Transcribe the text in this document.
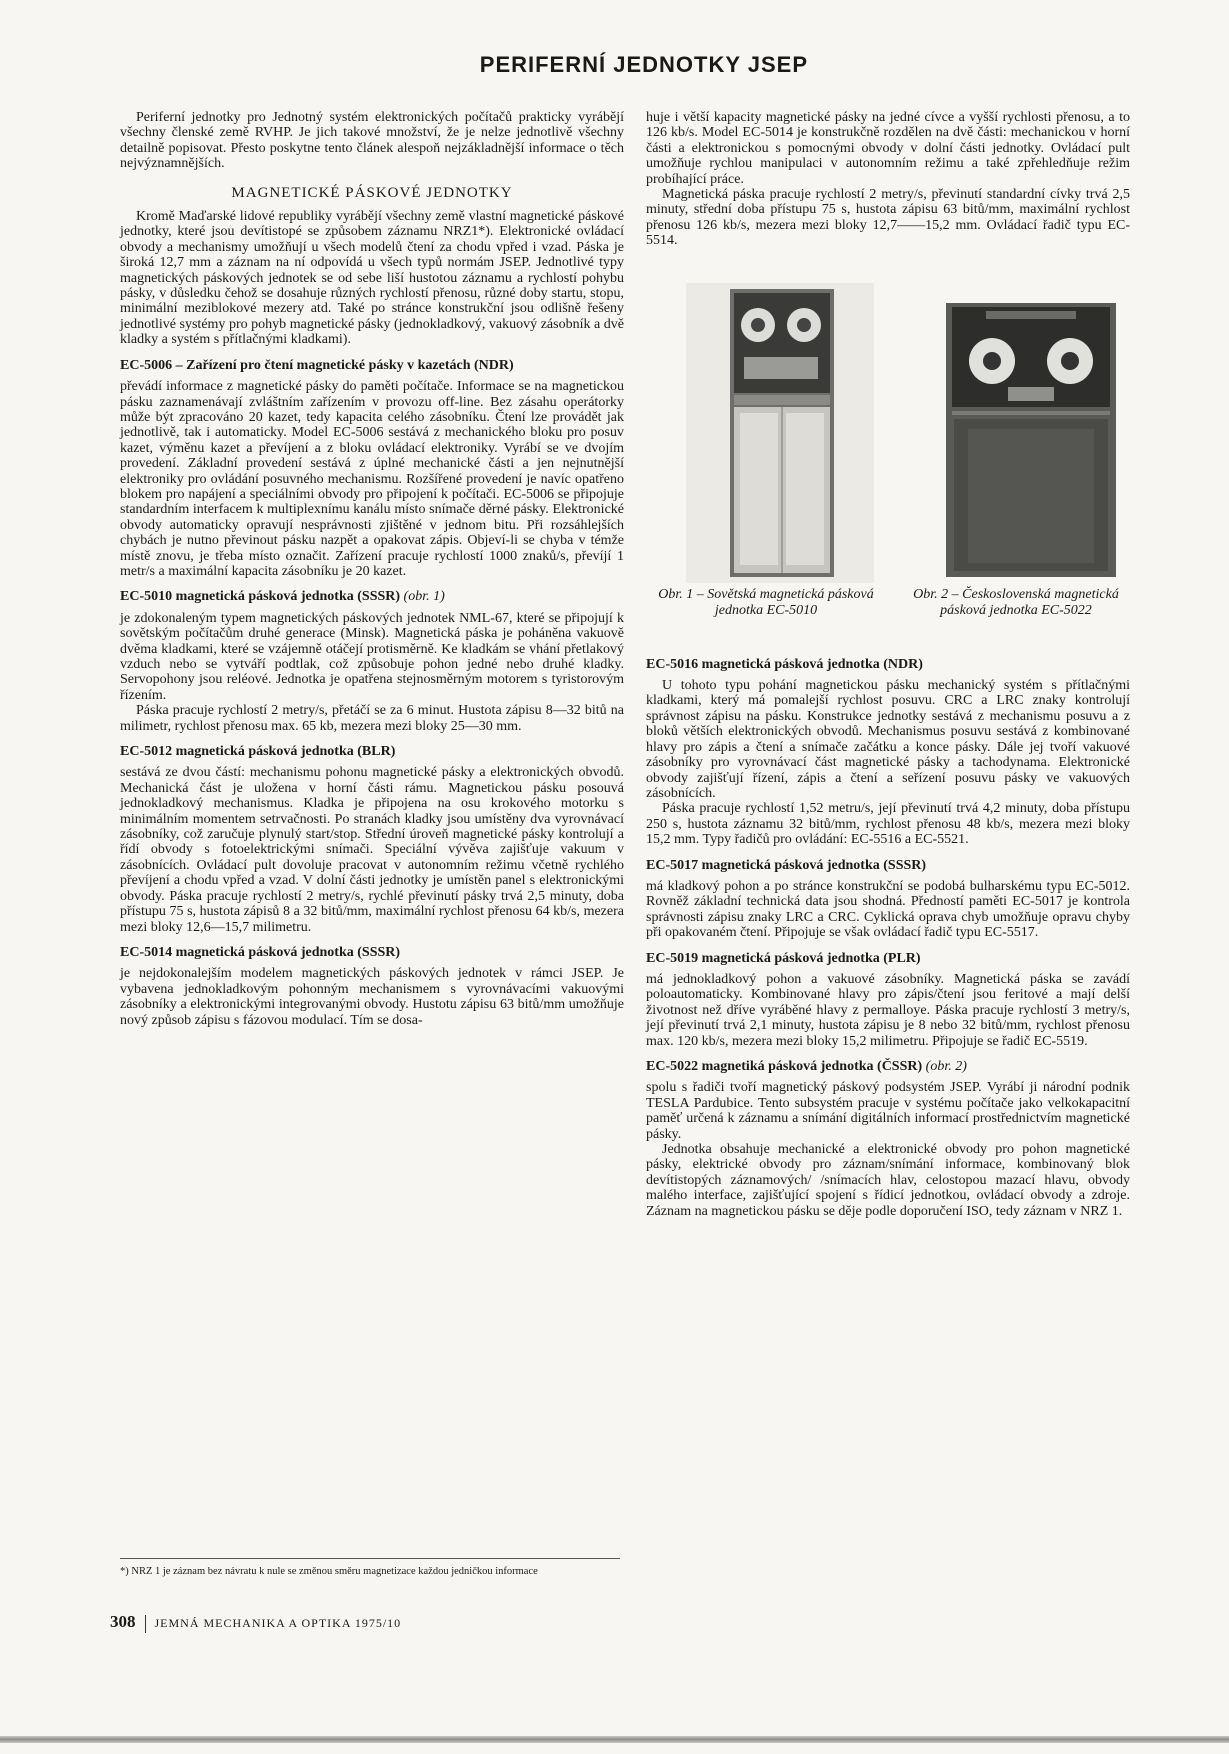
PERIFERNÍ JEDNOTKY JSEP

Periferní jednotky pro Jednotný systém elektronických počítačů prakticky vyrábějí všechny členské země RVHP. Je jich takové množství, že je nelze jednotlivě všechny detailně popisovat. Přesto poskytne tento článek alespoň nejzákladnější informace o těch nejvýznamnějších.

MAGNETICKÉ PÁSKOVÉ JEDNOTKY

Kromě Maďarské lidové republiky vyrábějí všechny země vlastní magnetické páskové jednotky, které jsou devítistopé se způsobem záznamu NRZ1*). Elektronické ovládací obvody a mechanismy umožňují u všech modelů čtení za chodu vpřed i vzad. Páska je široká 12,7 mm a záznam na ní odpovídá u všech typů normám JSEP. Jednotlivé typy magnetických páskových jednotek se od sebe liší hustotou záznamu a rychlostí pohybu pásky, v důsledku čehož se dosahuje různých rychlostí přenosu, různé doby startu, stopu, minimální meziblokové mezery atd. Také po stránce konstrukční jsou odlišně řešeny jednotlivé systémy pro pohyb magnetické pásky (jednokladkový, vakuový zásobník a dvě kladky a systém s přítlačnými kladkami).

EC-5006 – Zařízení pro čtení magnetické pásky v kazetách (NDR)

převádí informace z magnetické pásky do paměti počítače. Informace se na magnetickou pásku zaznamenávají zvláštním zařízením v provozu off-line. Bez zásahu operátorky může být zpracováno 20 kazet, tedy kapacita celého zásobníku. Čtení lze provádět jak jednotlivě, tak i automaticky. Model EC-5006 sestává z mechanického bloku pro posuv kazet, výměnu kazet a převíjení a z bloku ovládací elektroniky. Vyrábí se ve dvojím provedení. Základní provedení sestává z úplné mechanické části a jen nejnutnější elektroniky pro ovládání posuvného mechanismu. Rozšířené provedení je navíc opatřeno blokem pro napájení a speciálními obvody pro připojení k počítači. EC-5006 se připojuje standardním interfacem k multiplexnímu kanálu místo snímače děrné pásky. Elektronické obvody automaticky opravují nesprávnosti zjištěné v jednom bitu. Při rozsáhlejších chybách je nutno převinout pásku nazpět a opakovat zápis. Objeví-li se chyba v témže místě znovu, je třeba místo označit. Zařízení pracuje rychlostí 1000 znaků/s, převíjí 1 metr/s a maximální kapacita zásobníku je 20 kazet.

EC-5010 magnetická pásková jednotka (SSSR) (obr. 1)

je zdokonaleným typem magnetických páskových jednotek NML-67, které se připojují k sovětským počítačům druhé generace (Minsk). Magnetická páska je poháněna vakuově dvěma kladkami, které se vzájemně otáčejí protisměrně. Ke kladkám se vhání přetlakový vzduch nebo se vytváří podtlak, což způsobuje pohon jedné nebo druhé kladky. Servopohony jsou reléové. Jednotka je opatřena stejnosměrným motorem s tyristorovým řízením.

Páska pracuje rychlostí 2 metry/s, přetáčí se za 6 minut. Hustota zápisu 8—32 bitů na milimetr, rychlost přenosu max. 65 kb, mezera mezi bloky 25—30 mm.

EC-5012 magnetická pásková jednotka (BLR)

sestává ze dvou částí: mechanismu pohonu magnetické pásky a elektronických obvodů. Mechanická část je uložena v horní části rámu. Magnetickou pásku posouvá jednokladkový mechanismus. Kladka je připojena na osu krokového motorku s minimálním momentem setrvačnosti. Po stranách kladky jsou umístěny dva vyrovnávací zásobníky, což zaručuje plynulý start/stop. Střední úroveň magnetické pásky kontrolují a řídí obvody s fotoelektrickými snímači. Speciální vývěva zajišťuje vakuum v zásobnících. Ovládací pult dovoluje pracovat v autonomním režimu včetně rychlého převíjení a chodu vpřed a vzad. V dolní části jednotky je umístěn panel s elektronickými obvody. Páska pracuje rychlostí 2 metry/s, rychlé převinutí pásky trvá 2,5 minuty, doba přístupu 75 s, hustota zápisů 8 a 32 bitů/mm, maximální rychlost přenosu 64 kb/s, mezera mezi bloky 12,6—15,7 milimetru.

EC-5014 magnetická pásková jednotka (SSSR)

je nejdokonalejším modelem magnetických páskových jednotek v rámci JSEP. Je vybavena jednokladkovým pohonným mechanismem s vyrovnávacími vakuovými zásobníky a elektronickými integrovanými obvody. Hustotu zápisu 63 bitů/mm umožňuje nový způsob zápisu s fázovou modulací. Tím se dosa-

huje i větší kapacity magnetické pásky na jedné cívce a vyšší rychlosti přenosu, a to 126 kb/s. Model EC-5014 je konstrukčně rozdělen na dvě části: mechanickou v horní části a elektronickou s pomocnými obvody v dolní části jednotky. Ovládací pult umožňuje rychlou manipulaci v autonomním režimu a také zpřehledňuje režim probíhající práce.

Magnetická páska pracuje rychlostí 2 metry/s, převinutí standardní cívky trvá 2,5 minuty, střední doba přístupu 75 s, hustota zápisu 63 bitů/mm, maximální rychlost přenosu 126 kb/s, mezera mezi bloky 12,7——15,2 mm. Ovládací řadič typu EC-5514.

Obr. 1 – Sovětská magnetická pásková jednotka EC-5010
Obr. 2 – Československá magnetická pásková jednotka EC-5022
EC-5016 magnetická pásková jednotka (NDR)

U tohoto typu pohání magnetickou pásku mechanický systém s přítlačnými kladkami, který má pomalejší rychlost posuvu. CRC a LRC znaky kontrolují správnost zápisu na pásku. Konstrukce jednotky sestává z mechanismu posuvu a z bloků větších elektronických obvodů. Mechanismus posuvu sestává z kombinované hlavy pro zápis a čtení a snímače začátku a konce pásky. Dále jej tvoří vakuové zásobníky pro vyrovnávací část magnetické pásky a tachodynama. Elektronické obvody zajišťují řízení, zápis a čtení a seřízení posuvu pásky ve vakuových zásobnících.

Páska pracuje rychlostí 1,52 metru/s, její převinutí trvá 4,2 minuty, doba přístupu 250 s, hustota záznamu 32 bitů/mm, rychlost přenosu 48 kb/s, mezera mezi bloky 15,2 mm. Typy řadičů pro ovládání: EC-5516 a EC-5521.

EC-5017 magnetická pásková jednotka (SSSR)

má kladkový pohon a po stránce konstrukční se podobá bulharskému typu EC-5012. Rovněž základní technická data jsou shodná. Předností paměti EC-5017 je kontrola správnosti zápisu znaky LRC a CRC. Cyklická oprava chyb umožňuje opravu chyby při opakovaném čtení. Připojuje se však ovládací řadič typu EC-5517.

EC-5019 magnetická pásková jednotka (PLR)

má jednokladkový pohon a vakuové zásobníky. Magnetická páska se zavádí poloautomaticky. Kombinované hlavy pro zápis/čtení jsou feritové a mají delší životnost než dříve vyráběné hlavy z permalloye. Páska pracuje rychlostí 3 metry/s, její převinutí trvá 2,1 minuty, hustota zápisu je 8 nebo 32 bitů/mm, rychlost přenosu max. 120 kb/s, mezera mezi bloky 15,2 milimetru. Připojuje se řadič EC-5519.

EC-5022 magnetiká pásková jednotka (ČSSR) (obr. 2)

spolu s řadiči tvoří magnetický páskový podsystém JSEP. Vyrábí ji národní podnik TESLA Pardubice. Tento subsystém pracuje v systému počítače jako velkokapacitní paměť určená k záznamu a snímání digitálních informací prostřednictvím magnetické pásky.

Jednotka obsahuje mechanické a elektronické obvody pro pohon magnetické pásky, elektrické obvody pro záznam/snímání informace, kombinovaný blok devítistopých záznamových/ /snímacích hlav, celostopou mazací hlavu, obvody malého interface, zajišťující spojení s řídicí jednotkou, ovládací obvody a zdroje. Záznam na magnetickou pásku se děje podle doporučení ISO, tedy záznam v NRZ 1.

*) NRZ 1 je záznam bez návratu k nule se změnou směru magnetizace každou jedničkou informace
308 JEMNÁ MECHANIKA A OPTIKA 1975/10
